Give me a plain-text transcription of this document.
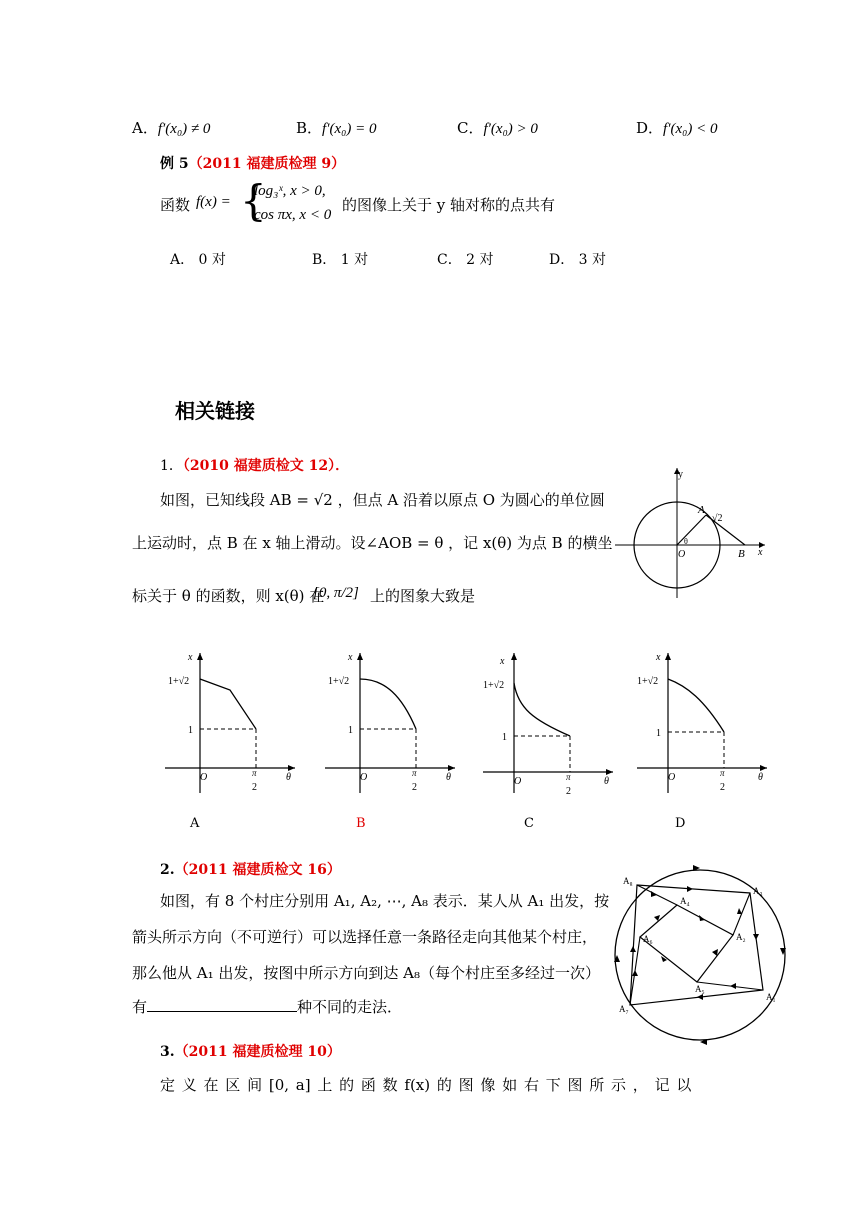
A．f′(x₀) ≠ 0	B．f′(x₀) = 0	C．f′(x₀) > 0	D．f′(x₀) < 0
例 5（2011 福建质检理 9）
函数 f(x) = {
log₃ˣ, x > 0,
cos πx, x < 0
的图像上关于 y 轴对称的点共有
A． 0 对	B． 1 对	C． 2 对	D． 3 对
相关链接
1．（2010 福建质检文 12）．
如图，已知线段 AB = √2 ，但点 A 沿着以原点 O 为圆心的单位圆
上运动时，点 B 在 x 轴上滑动。设∠AOB = θ ，记 x(θ) 为点 B 的横坐
标关于 θ 的函数，则 x(θ) 在
[0, π/2] 上的图象大致是
y
A
√2
O
θ
B x
x
1+√2
1
O	π
2
θ
x
1+√2
1
O	π
2
θ
x
1+√2
1
O	π
2
θ
x
1+√2
1
O	π
2
θ
A	B	C	D
2.（2011 福建质检文 16）
如图，有 8 个村庄分别用 A₁, A₂, ⋯, A₈ 表示．某人从 A₁ 出发，按
箭头所示方向（不可逆行）可以选择任意一条路径走向其他某个村庄，
那么他从 A₁ 出发，按图中所示方向到达 A₈（每个村庄至多经过一次）
有	种不同的走法．
A₈
A₃
A₄
A₂
A₆
A₅
A₁
A₇
3.（2011 福建质检理 10）
定 义 在 区 间 [0, a] 上 的 函 数 f(x) 的 图 像 如 右 下 图 所 示 ， 记 以
